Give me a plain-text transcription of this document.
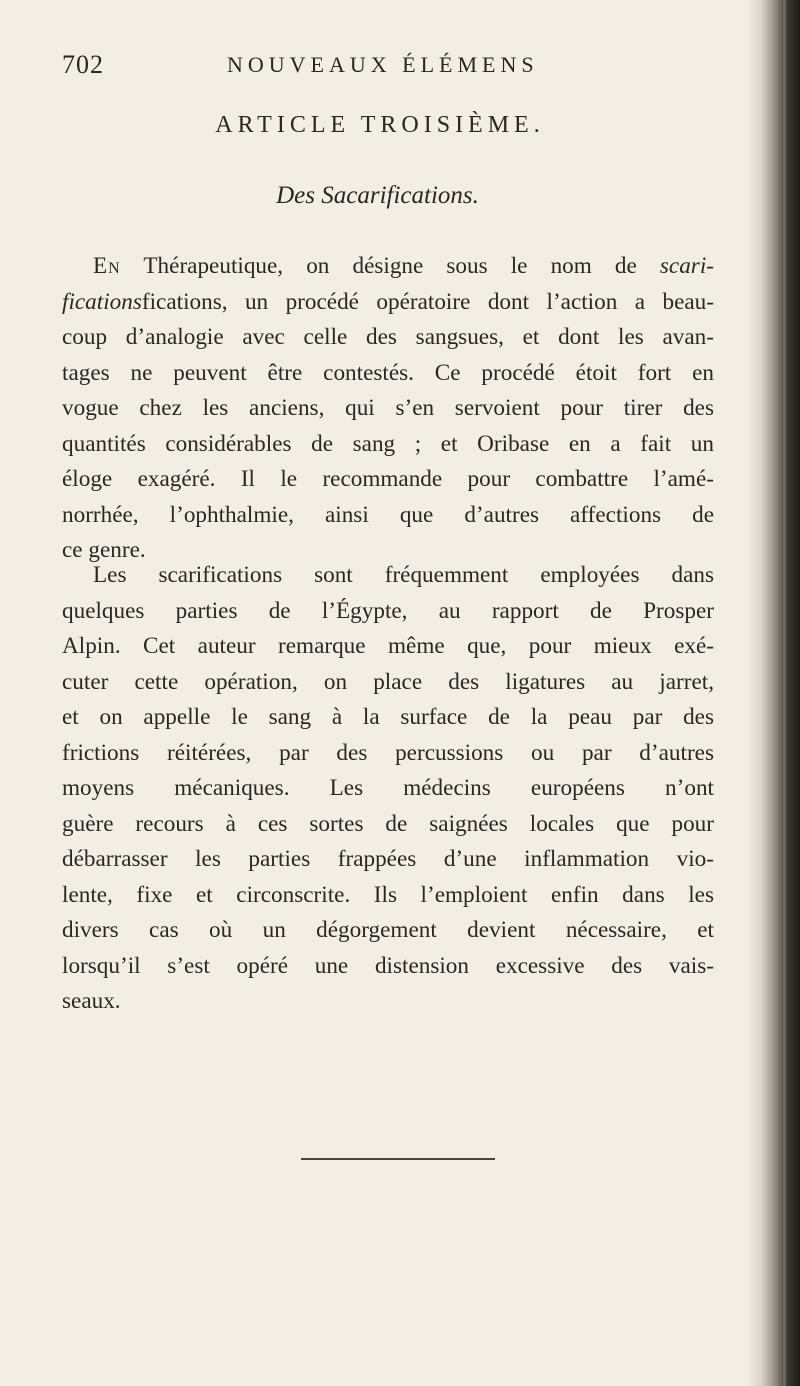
702	NOUVEAUX ÉLÉMENS
ARTICLE TROISIÈME.
Des Sacarifications.
En Thérapeutique, on désigne sous le nom de scari-
ficationsfications, un procédé opératoire dont l’action a beau-
coup d’analogie avec celle des sangsues, et dont les avan-
tages ne peuvent être contestés. Ce procédé étoit fort en
vogue chez les anciens, qui s’en servoient pour tirer des
quantités considérables de sang ; et Oribase en a fait un
éloge exagéré. Il le recommande pour combattre l’amé-
norrhée, l’ophthalmie, ainsi que d’autres affections de
ce genre.
Les scarifications sont fréquemment employées dans
quelques parties de l’Égypte, au rapport de Prosper
Alpin. Cet auteur remarque même que, pour mieux exé-
cuter cette opération, on place des ligatures au jarret,
et on appelle le sang à la surface de la peau par des
frictions réitérées, par des percussions ou par d’autres
moyens mécaniques. Les médecins européens n’ont
guère recours à ces sortes de saignées locales que pour
débarrasser les parties frappées d’une inflammation vio-
lente, fixe et circonscrite. Ils l’emploient enfin dans les
divers cas où un dégorgement devient nécessaire, et
lorsqu’il s’est opéré une distension excessive des vais-
seaux.
